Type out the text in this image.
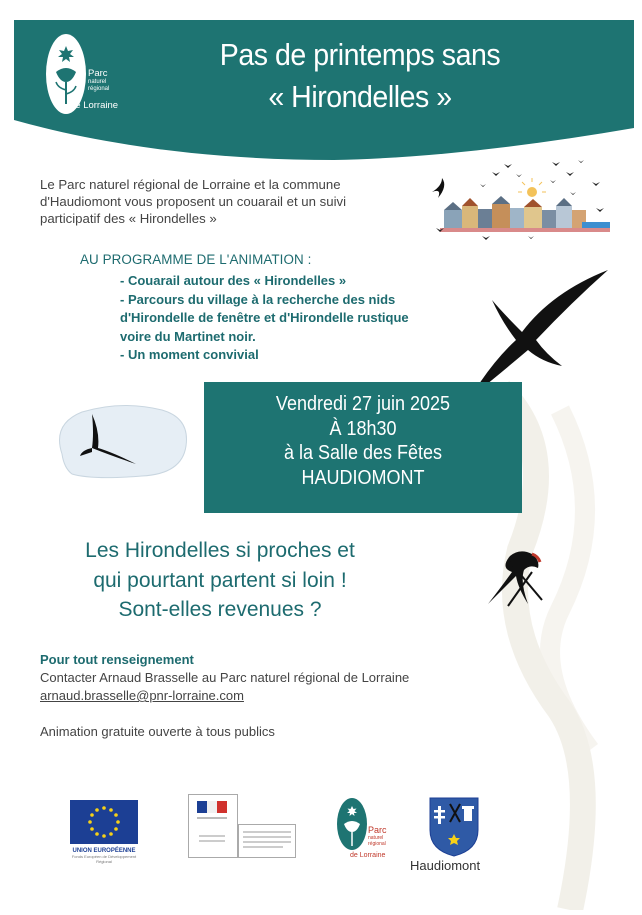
Parc
naturel
régional
de Lorraine
Pas de printemps sans
« Hirondelles »
Le Parc naturel régional de Lorraine et la commune
d'Haudiomont vous proposent un couarail et un suivi
participatif des « Hirondelles »
AU PROGRAMME DE L'ANIMATION :
- Couarail autour des « Hirondelles »
- Parcours du village à la recherche des nids
d'Hirondelle de fenêtre et d'Hirondelle rustique
voire du Martinet noir.
- Un moment convivial
Vendredi 27 juin 2025
À 18h30
à la Salle des Fêtes
HAUDIOMONT
Les Hirondelles si proches et
qui pourtant partent si loin !
Sont-elles revenues ?
Pour tout renseignement
Contacter Arnaud Brasselle au Parc naturel régional de Lorraine
arnaud.brasselle@pnr-lorraine.com
Animation gratuite ouverte à tous publics
UNION EUROPÉENNE
Fonds Européen de Développement Régional
Parc
naturel
régional
de Lorraine
Haudiomont
